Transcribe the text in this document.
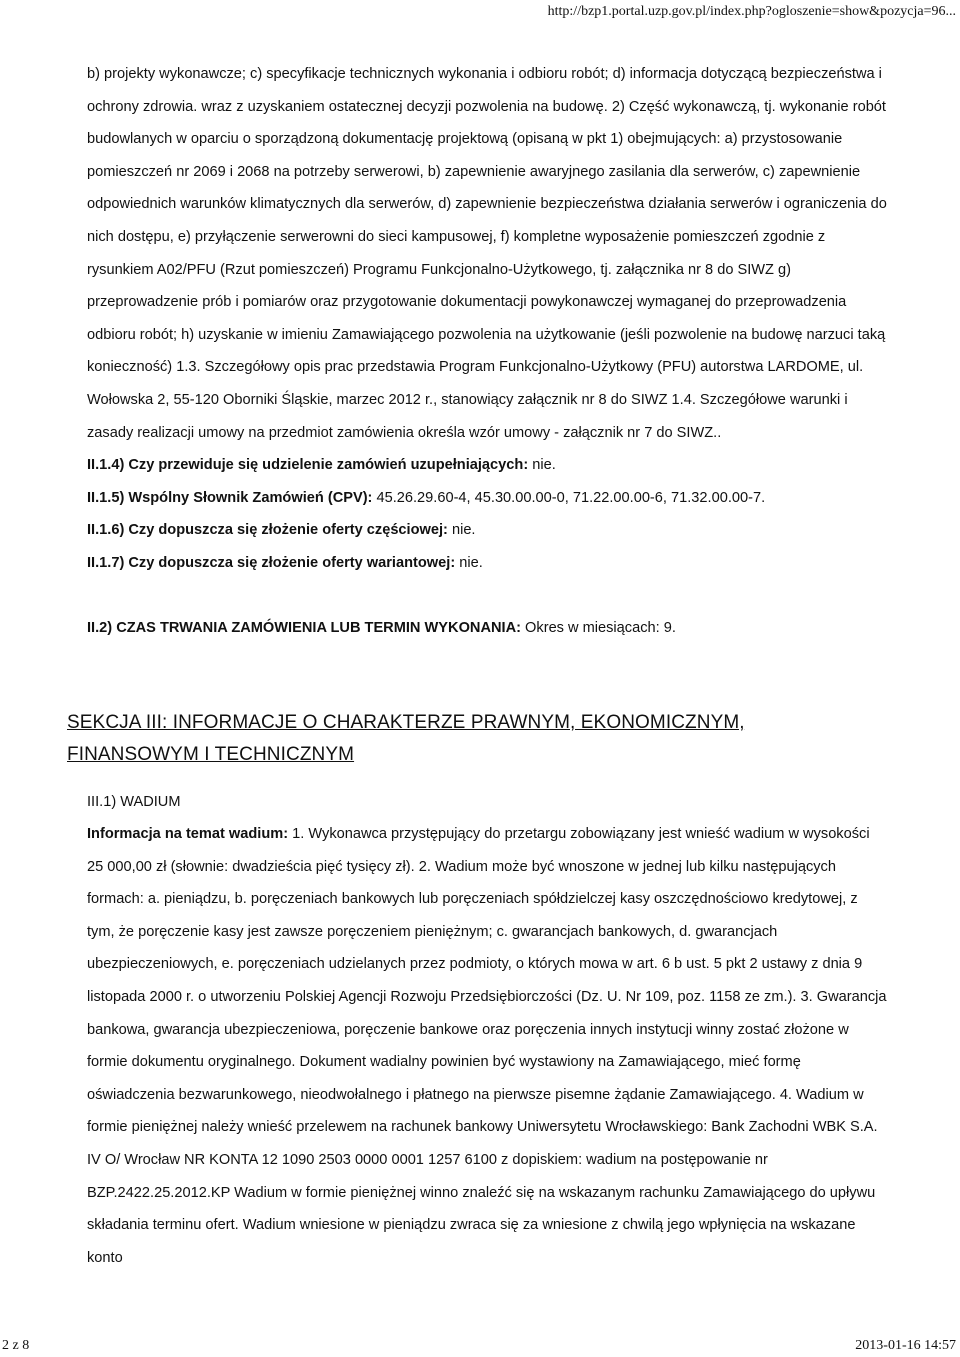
http://bzp1.portal.uzp.gov.pl/index.php?ogloszenie=show&pozycja=96...

b) projekty wykonawcze; c) specyfikacje technicznych wykonania i odbioru robót; d) informacja dotyczącą bezpieczeństwa i ochrony zdrowia. wraz z uzyskaniem ostatecznej decyzji pozwolenia na budowę. 2) Część wykonawczą, tj. wykonanie robót budowlanych w oparciu o sporządzoną dokumentację projektową (opisaną w pkt 1) obejmujących: a) przystosowanie pomieszczeń nr 2069 i 2068 na potrzeby serwerowi, b) zapewnienie awaryjnego zasilania dla serwerów, c) zapewnienie odpowiednich warunków klimatycznych dla serwerów, d) zapewnienie bezpieczeństwa działania serwerów i ograniczenia do nich dostępu, e) przyłączenie serwerowni do sieci kampusowej, f) kompletne wyposażenie pomieszczeń zgodnie z rysunkiem A02/PFU (Rzut pomieszczeń) Programu Funkcjonalno-Użytkowego, tj. załącznika nr 8 do SIWZ g) przeprowadzenie prób i pomiarów oraz przygotowanie dokumentacji powykonawczej wymaganej do przeprowadzenia odbioru robót; h) uzyskanie w imieniu Zamawiającego pozwolenia na użytkowanie (jeśli pozwolenie na budowę narzuci taką konieczność) 1.3. Szczegółowy opis prac przedstawia Program Funkcjonalno-Użytkowy (PFU) autorstwa LARDOME, ul. Wołowska 2, 55-120 Oborniki Śląskie, marzec 2012 r., stanowiący załącznik nr 8 do SIWZ 1.4. Szczegółowe warunki i zasady realizacji umowy na przedmiot zamówienia określa wzór umowy - załącznik nr 7 do SIWZ..

II.1.4) Czy przewiduje się udzielenie zamówień uzupełniających: nie.

II.1.5) Wspólny Słownik Zamówień (CPV): 45.26.29.60-4, 45.30.00.00-0, 71.22.00.00-6, 71.32.00.00-7.

II.1.6) Czy dopuszcza się złożenie oferty częściowej: nie.

II.1.7) Czy dopuszcza się złożenie oferty wariantowej: nie.

II.2) CZAS TRWANIA ZAMÓWIENIA LUB TERMIN WYKONANIA: Okres w miesiącach: 9.

SEKCJA III: INFORMACJE O CHARAKTERZE PRAWNYM, EKONOMICZNYM, FINANSOWYM I TECHNICZNYM

III.1) WADIUM

Informacja na temat wadium: 1. Wykonawca przystępujący do przetargu zobowiązany jest wnieść wadium w wysokości 25 000,00 zł (słownie: dwadzieścia pięć tysięcy zł). 2. Wadium może być wnoszone w jednej lub kilku następujących formach: a. pieniądzu, b. poręczeniach bankowych lub poręczeniach spółdzielczej kasy oszczędnościowo kredytowej, z tym, że poręczenie kasy jest zawsze poręczeniem pieniężnym; c. gwarancjach bankowych, d. gwarancjach ubezpieczeniowych, e. poręczeniach udzielanych przez podmioty, o których mowa w art. 6 b ust. 5 pkt 2 ustawy z dnia 9 listopada 2000 r. o utworzeniu Polskiej Agencji Rozwoju Przedsiębiorczości (Dz. U. Nr 109, poz. 1158 ze zm.). 3. Gwarancja bankowa, gwarancja ubezpieczeniowa, poręczenie bankowe oraz poręczenia innych instytucji winny zostać złożone w formie dokumentu oryginalnego. Dokument wadialny powinien być wystawiony na Zamawiającego, mieć formę oświadczenia bezwarunkowego, nieodwołalnego i płatnego na pierwsze pisemne żądanie Zamawiającego. 4. Wadium w formie pieniężnej należy wnieść przelewem na rachunek bankowy Uniwersytetu Wrocławskiego: Bank Zachodni WBK S.A. IV O/ Wrocław NR KONTA 12 1090 2503 0000 0001 1257 6100 z dopiskiem: wadium na postępowanie nr BZP.2422.25.2012.KP Wadium w formie pieniężnej winno znaleźć się na wskazanym rachunku Zamawiającego do upływu składania terminu ofert. Wadium wniesione w pieniądzu zwraca się za wniesione z chwilą jego wpłynięcia na wskazane konto

2 z 8	2013-01-16 14:57
